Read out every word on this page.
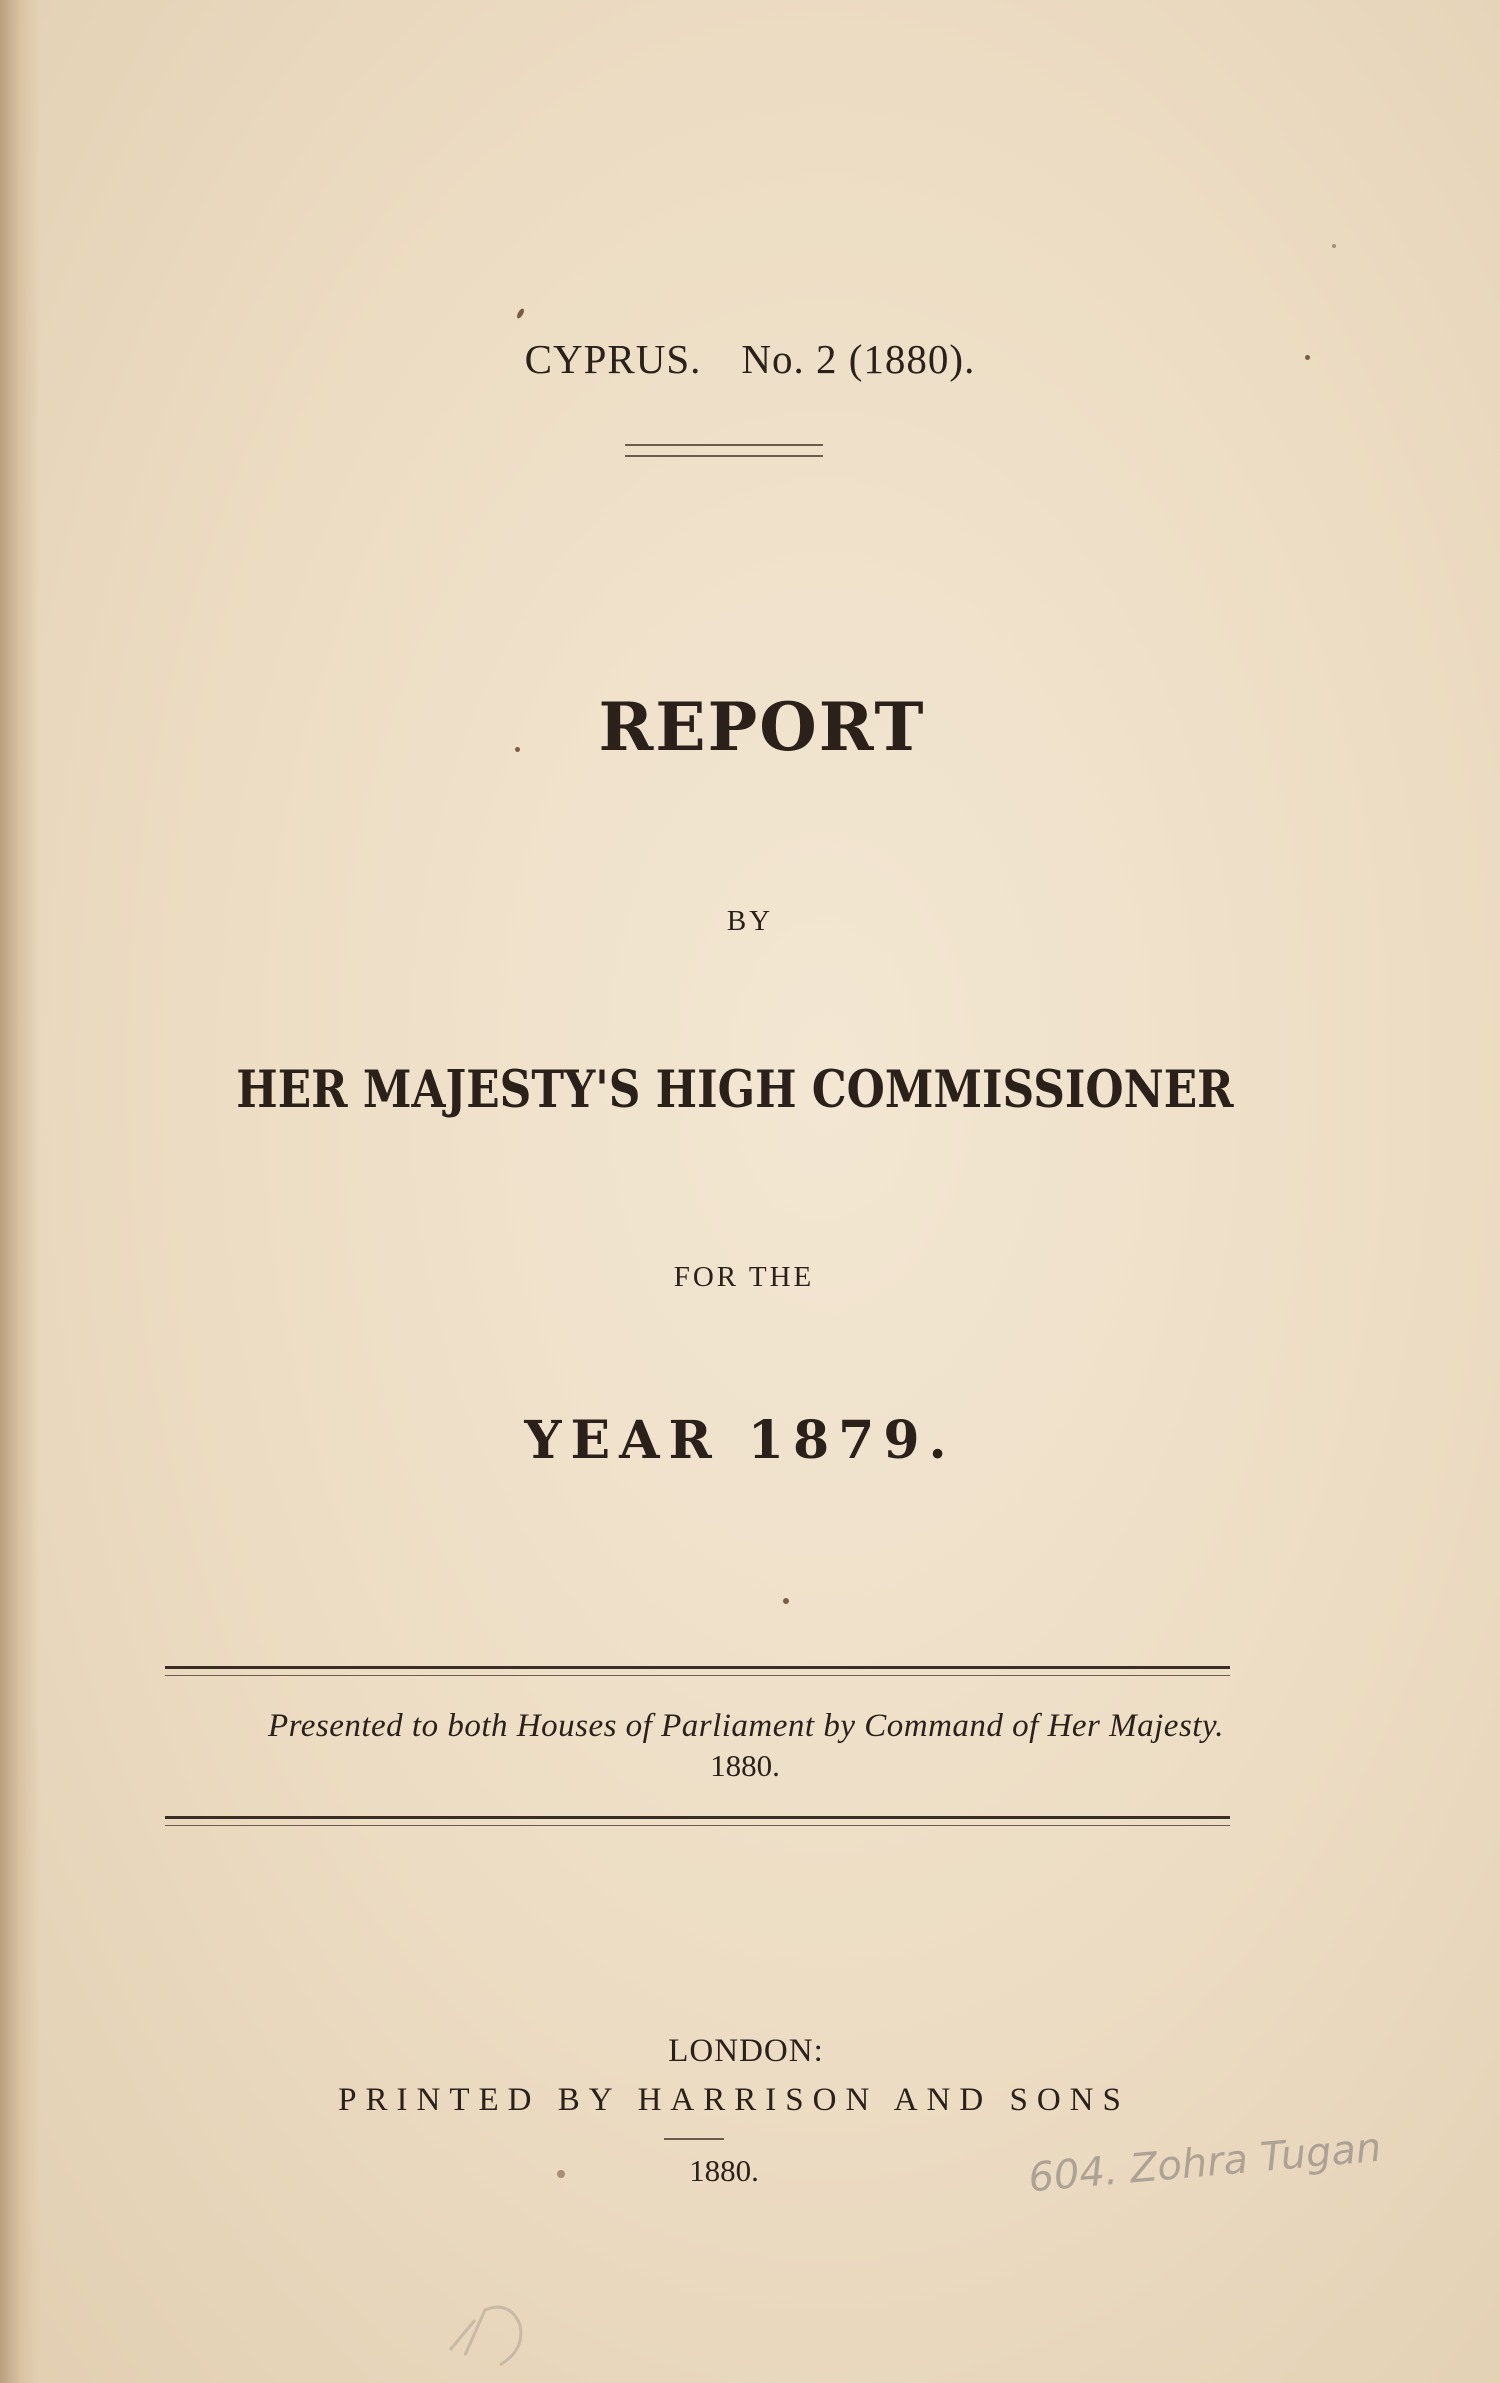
CYPRUS. No. 2 (1880).
REPORT
BY
HER MAJESTY'S HIGH COMMISSIONER
FOR THE
YEAR 1879.
Presented to both Houses of Parliament by Command of Her Majesty.
1880.
LONDON:
PRINTED BY HARRISON AND SONS
1880.	604. Zohra Tugan
